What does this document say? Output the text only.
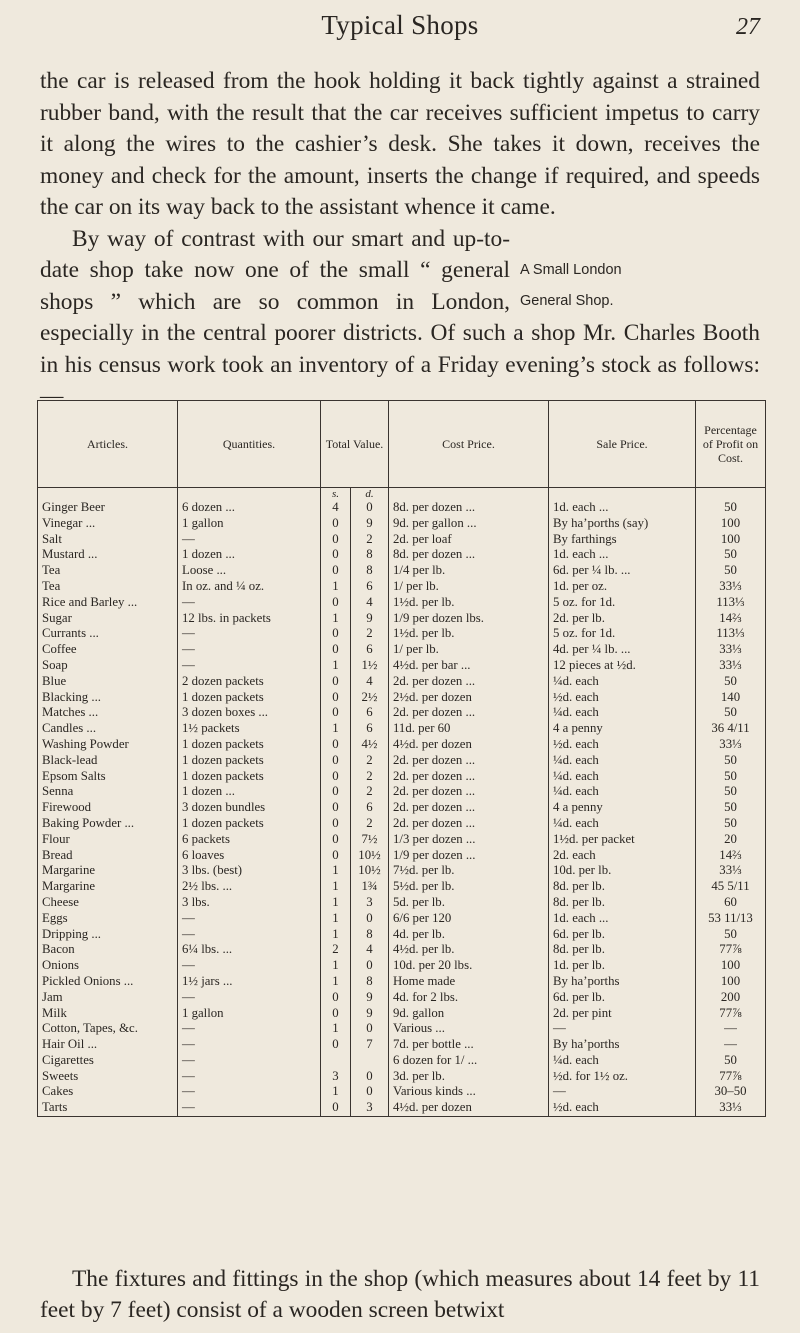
Typical Shops	27

the car is released from the hook holding it back tightly against a strained rubber band, with the result that the car receives sufficient impetus to carry it along the wires to the cashier’s desk. She takes it down, receives the money and check for the amount, inserts the change if required, and speeds the car on its way back to the assistant whence it came.

A Small London
General Shop.

By way of contrast with our smart and up-to-date shop take now one of the small “ general shops ” which are so common in London, especially in the central poorer districts. Of such a shop Mr. Charles Booth in his census work took an inventory of a Friday evening’s stock as follows:—

Articles.	Quantities.	Total Value.		Cost Price.	Sale Price.	Percentage of Profit on Cost.
		s.	d.			
Ginger Beer	6 dozen ...	4	0	8d. per dozen ...	1d. each ...	50
Vinegar ...	1 gallon	0	9	9d. per gallon ...	By ha’porths (say)	100
Salt	—	0	2	2d. per loaf	By farthings	100
Mustard ...	1 dozen ...	0	8	8d. per dozen ...	1d. each ...	50
Tea	Loose ...	0	8	1/4 per lb.	6d. per ¼ lb. ...	50
Tea	In oz. and ¼ oz.	1	6	1/ per lb.	1d. per oz.	33⅓
Rice and Barley ...	—	0	4	1½d. per lb.	5 oz. for 1d.	113⅓
Sugar	12 lbs. in packets	1	9	1/9 per dozen lbs.	2d. per lb.	14⅔
Currants ...	—	0	2	1½d. per lb.	5 oz. for 1d.	113⅓
Coffee	—	0	6	1/ per lb.	4d. per ¼ lb. ...	33⅓
Soap	—	1	1½	4½d. per bar ...	12 pieces at ½d.	33⅓
Blue	2 dozen packets	0	4	2d. per dozen ...	¼d. each	50
Blacking ...	1 dozen packets	0	2½	2½d. per dozen	½d. each	140
Matches ...	3 dozen boxes ...	0	6	2d. per dozen ...	¼d. each	50
Candles ...	1½ packets	1	6	11d. per 60	4 a penny	36 4/11
Washing Powder	1 dozen packets	0	4½	4½d. per dozen	½d. each	33⅓
Black-lead	1 dozen packets	0	2	2d. per dozen ...	¼d. each	50
Epsom Salts	1 dozen packets	0	2	2d. per dozen ...	¼d. each	50
Senna	1 dozen ...	0	2	2d. per dozen ...	¼d. each	50
Firewood	3 dozen bundles	0	6	2d. per dozen ...	4 a penny	50
Baking Powder ...	1 dozen packets	0	2	2d. per dozen ...	¼d. each	50
Flour	6 packets	0	7½	1/3 per dozen ...	1½d. per packet	20
Bread	6 loaves	0	10½	1/9 per dozen ...	2d. each	14⅔
Margarine	3 lbs. (best)	1	10½	7½d. per lb.	10d. per lb.	33⅓
Margarine	2½ lbs. ...	1	1¾	5½d. per lb.	8d. per lb.	45 5/11
Cheese	3 lbs.	1	3	5d. per lb.	8d. per lb.	60
Eggs	—	1	0	6/6 per 120	1d. each ...	53 11/13
Dripping ...	—	1	8	4d. per lb.	6d. per lb.	50
Bacon	6¼ lbs. ...	2	4	4½d. per lb.	8d. per lb.	77⅞
Onions	—	1	0	10d. per 20 lbs.	1d. per lb.	100
Pickled Onions ...	1½ jars ...	1	8	Home made	By ha’porths	100
Jam	—	0	9	4d. for 2 lbs.	6d. per lb.	200
Milk	1 gallon	0	9	9d. gallon	2d. per pint	77⅞
Cotton, Tapes, &c.	—	1	0	Various ...	—	—
Hair Oil ...	—	0	7	7d. per bottle ...	By ha’porths	—
Cigarettes	—			6 dozen for 1/ ...	¼d. each	50
Sweets	—	3	0	3d. per lb.	½d. for 1½ oz.	77⅞
Cakes	—	1	0	Various kinds ...	—	30–50
Tarts	—	0	3	4½d. per dozen	½d. each	33⅓

The fixtures and fittings in the shop (which measures about 14 feet by 11 feet by 7 feet) consist of a wooden screen betwixt
